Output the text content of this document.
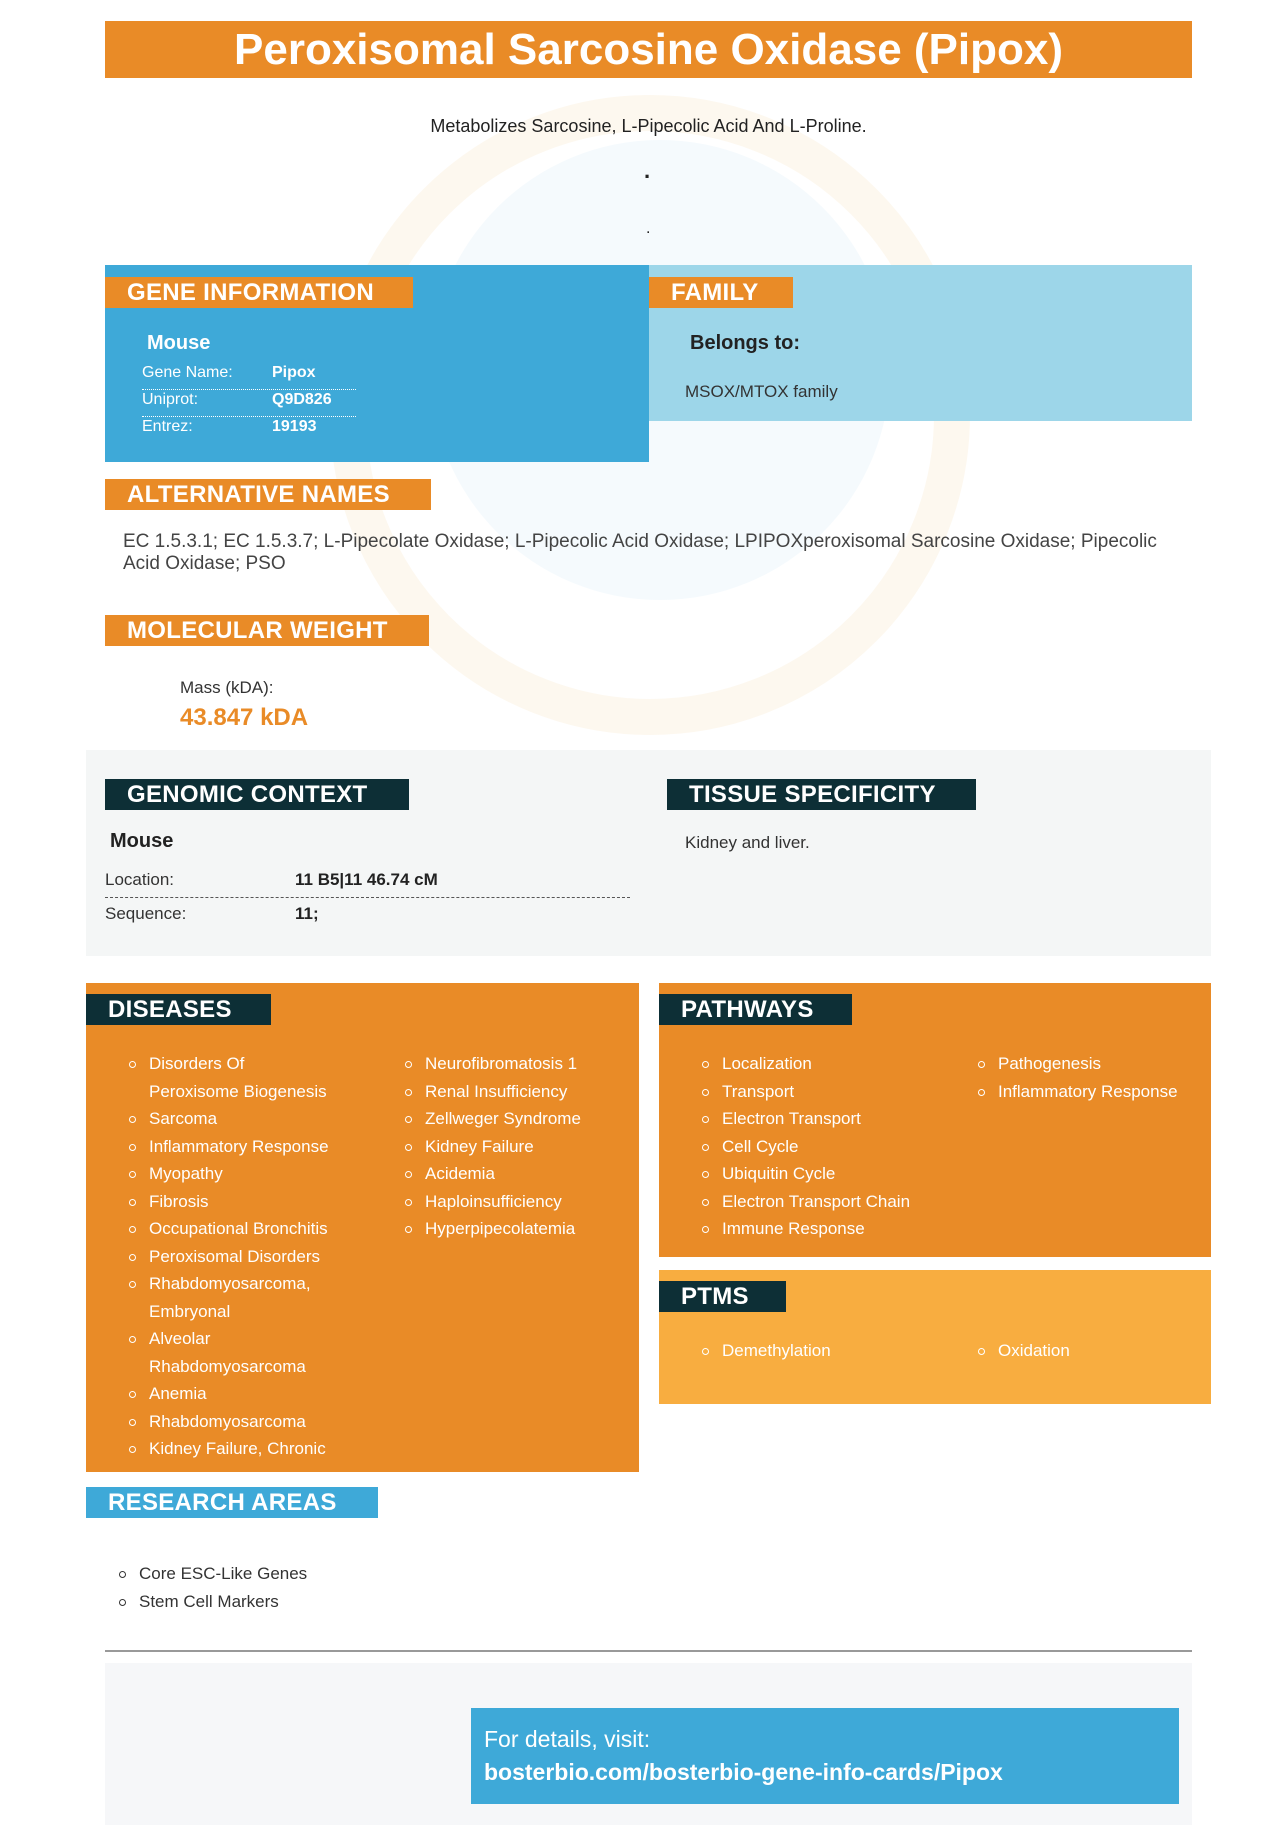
Peroxisomal Sarcosine Oxidase (Pipox)
Metabolizes Sarcosine, L-Pipecolic Acid And L-Proline.
.
.
GENE INFORMATION
Mouse
Gene Name: Pipox
Uniprot:	Q9D826
Entrez:	19193
FAMILY
Belongs to:
MSOX/MTOX family
ALTERNATIVE NAMES
EC 1.5.3.1; EC 1.5.3.7; L-Pipecolate Oxidase; L-Pipecolic Acid Oxidase; LPIPOXperoxisomal Sarcosine Oxidase; Pipecolic Acid Oxidase; PSO
MOLECULAR WEIGHT
Mass (kDA):
43.847 kDA
GENOMIC CONTEXT
Mouse
Location:	11 B5|11 46.74 cM
Sequence:	11;
TISSUE SPECIFICITY
Kidney and liver.
DISEASES
Disorders Of
Peroxisome Biogenesis
Sarcoma
Inflammatory Response
Myopathy
Fibrosis
Occupational Bronchitis
Peroxisomal Disorders
Rhabdomyosarcoma,
Embryonal
Alveolar
Rhabdomyosarcoma
Anemia
Rhabdomyosarcoma
Kidney Failure, Chronic
Neurofibromatosis 1
Renal Insufficiency
Zellweger Syndrome
Kidney Failure
Acidemia
Haploinsufficiency
Hyperpipecolatemia
PATHWAYS
Localization
Transport
Electron Transport
Cell Cycle
Ubiquitin Cycle
Electron Transport Chain
Immune Response
Pathogenesis
Inflammatory Response
PTMS
Demethylation	Oxidation
RESEARCH AREAS
Core ESC-Like Genes
Stem Cell Markers
For details, visit:
bosterbio.com/bosterbio-gene-info-cards/Pipox
